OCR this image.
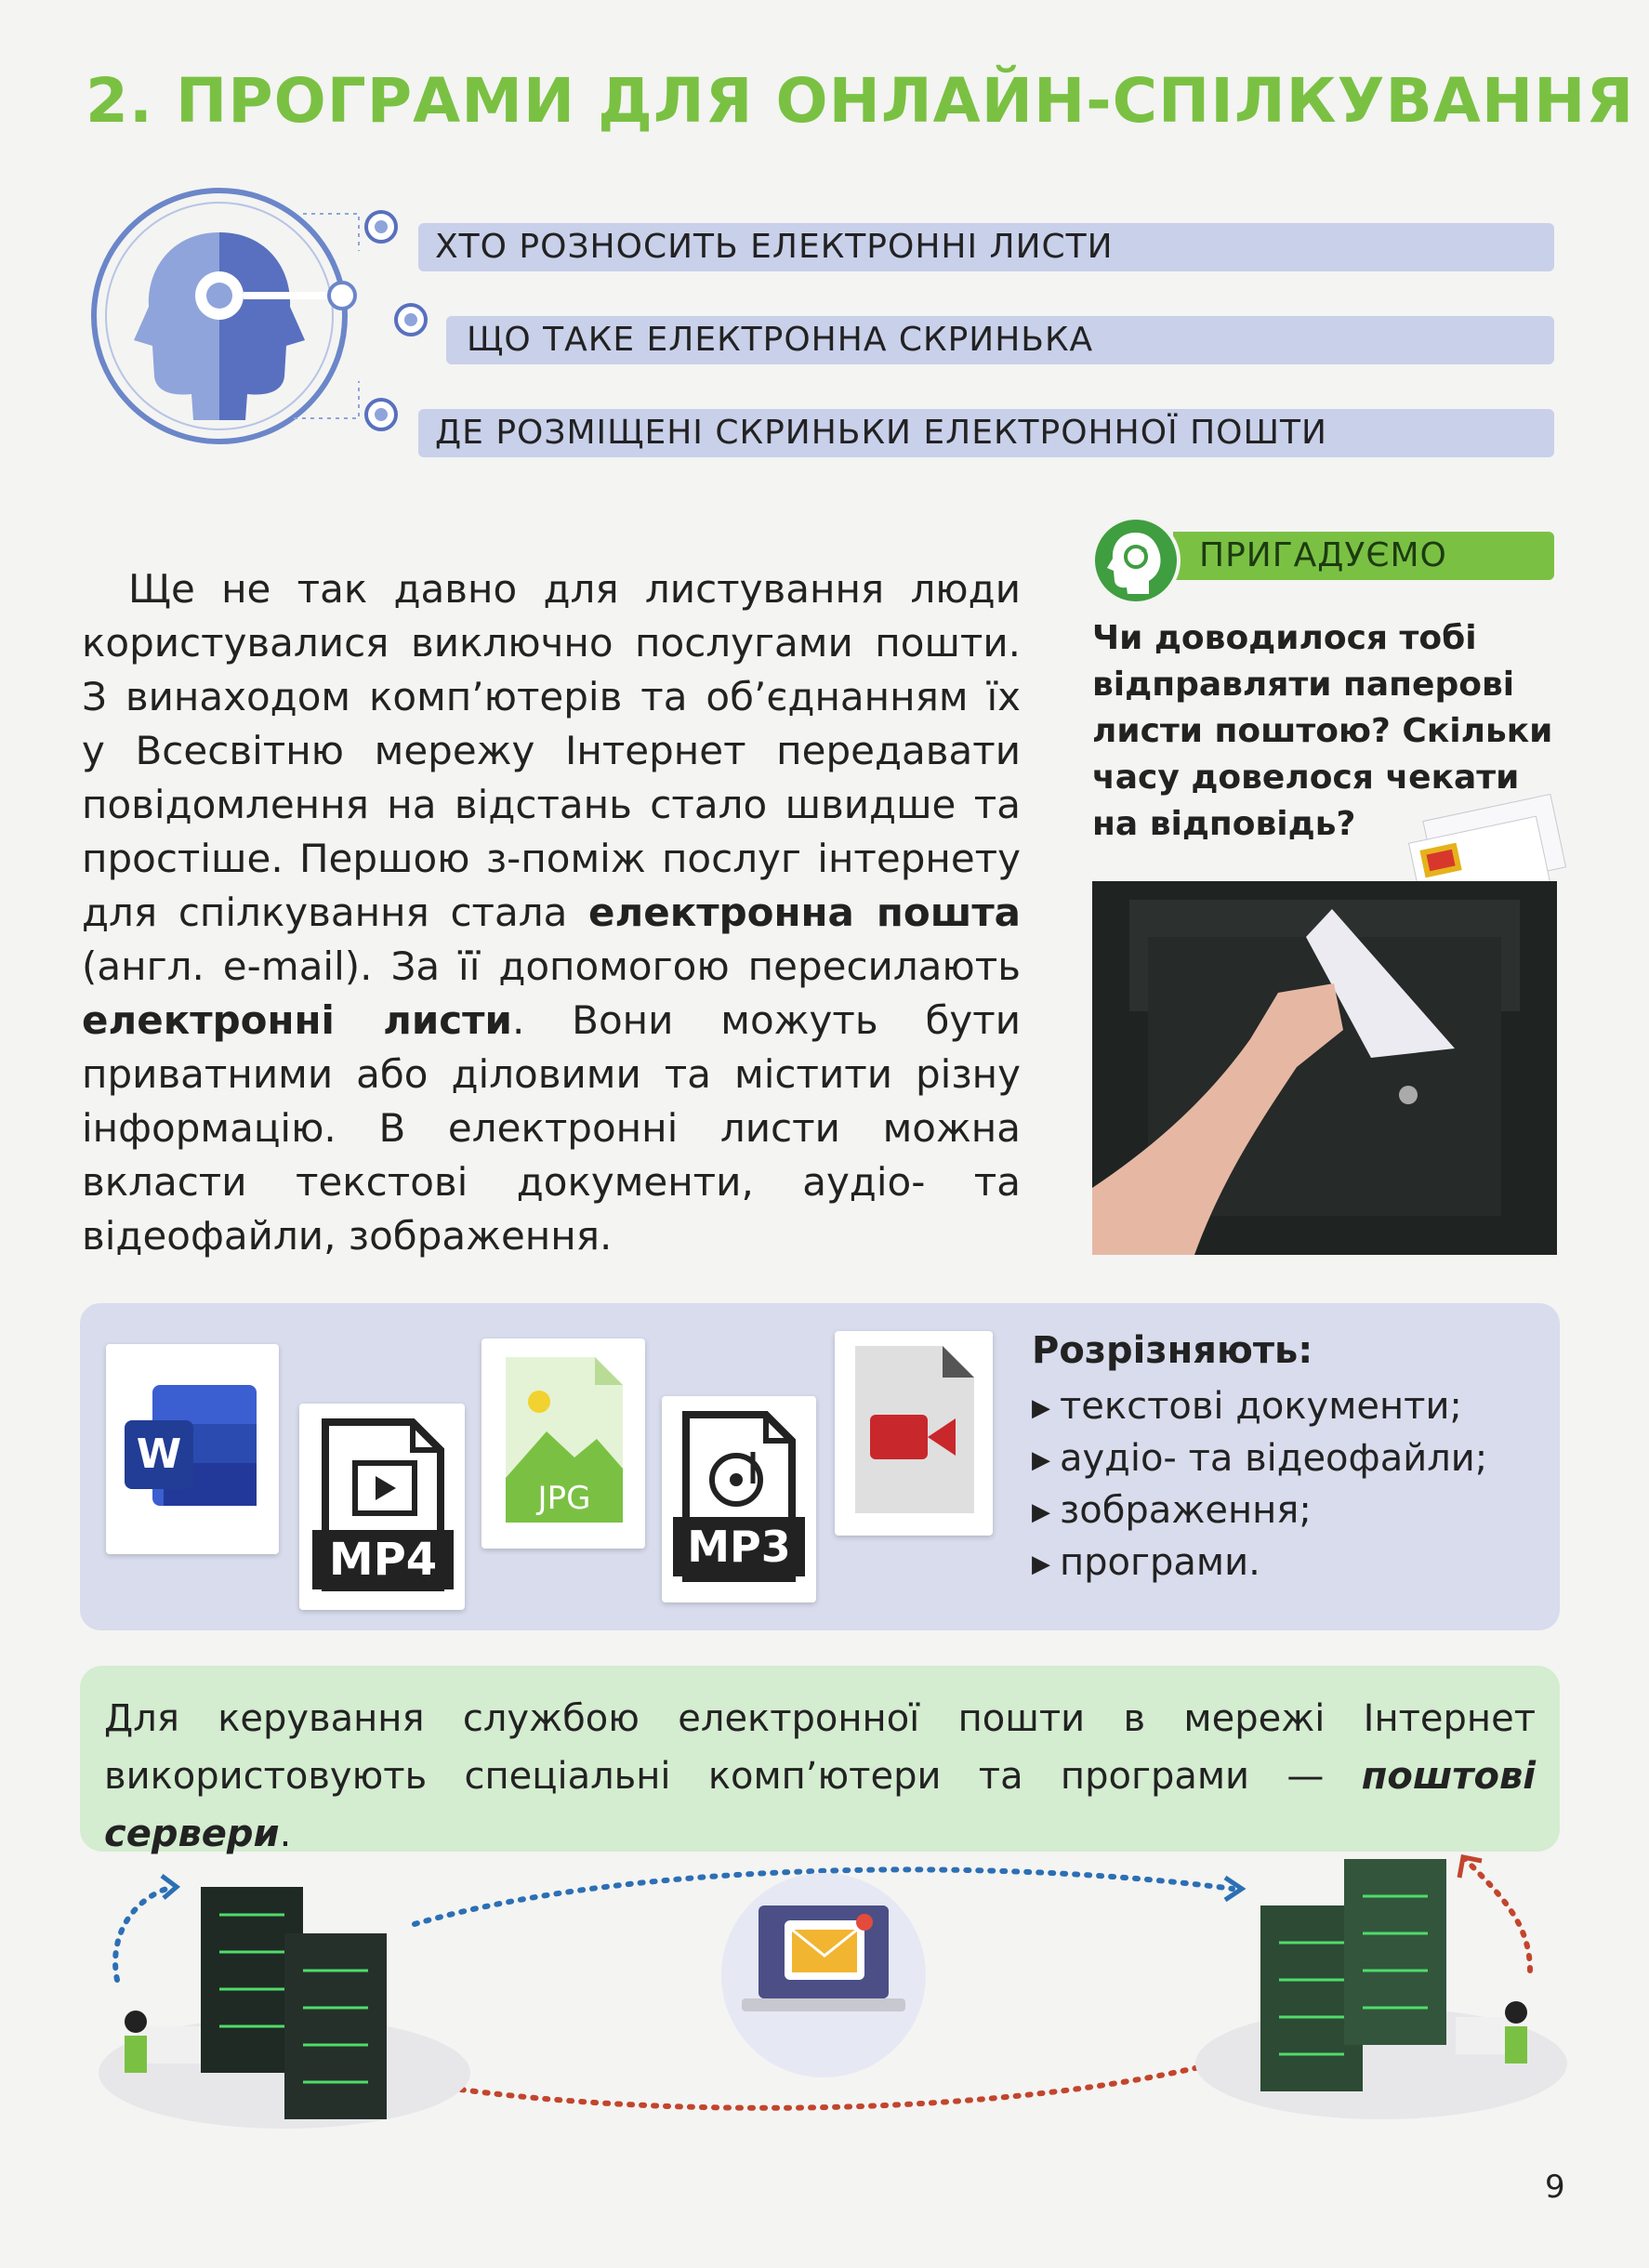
2. ПРОГРАМИ ДЛЯ ОНЛАЙН-СПІЛКУВАННЯ
ХТО РОЗНОСИТЬ ЕЛЕКТРОННІ ЛИСТИ
ЩО ТАКЕ ЕЛЕКТРОННА СКРИНЬКА
ДЕ РОЗМІЩЕНІ СКРИНЬКИ ЕЛЕКТРОННОЇ ПОШТИ
Ще не так давно для листування люди користувалися виключно послугами пошти. З винаходом комп’ютерів та об’єднанням їх у Всесвітню мережу Інтернет передавати повідомлення на відстань стало швидше та простіше. Першою з-поміж послуг інтернету для спілкування стала електронна пошта (англ. e-mail). За її допомогою пересилають електронні листи. Вони можуть бути приватними або діловими та містити різну інформацію. В електронні листи можна вкласти текстові документи, аудіо- та відеофайли, зображення.
ПРИГАДУЄМО
Чи доводилося тобі відправляти паперові листи поштою? Скільки часу довелося чекати на відповідь?
W
MP4
JPG
MP3
Розрізняють:
▶ текстові документи;
▶ аудіо- та відеофайли;
▶ зображення;
▶ програми.
Для керування службою електронної пошти в мережі Інтернет використовують спеціальні комп’ютери та програми — поштові сервери.
9
